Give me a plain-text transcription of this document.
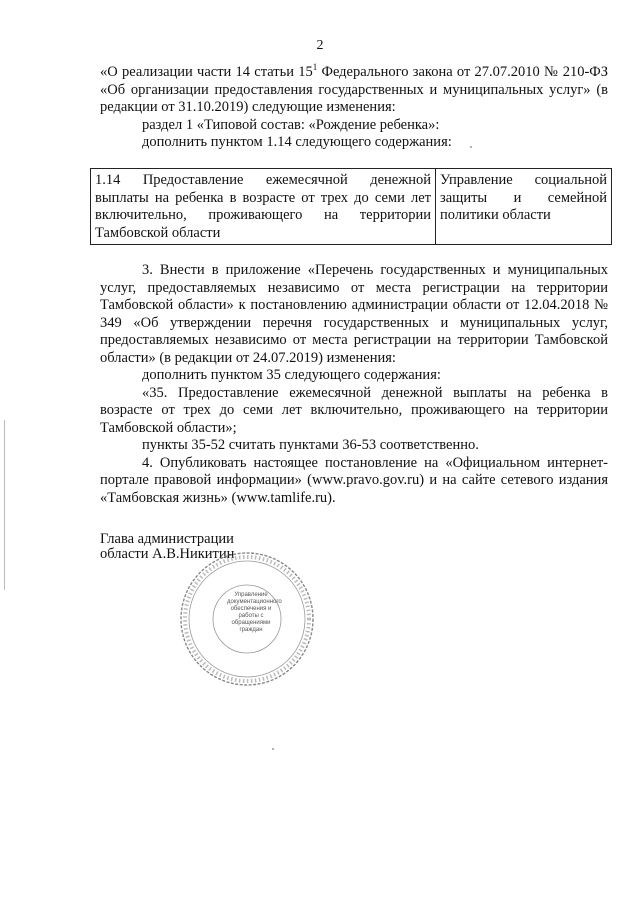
2

«О реализации части 14 статьи $15^1$ Федерального закона от 27.07.2010 № 210-ФЗ «Об организации предоставления государственных и муниципальных услуг» (в редакции от 31.10.2019) следующие изменения:

раздел 1 «Типовой состав: «Рождение ребенка»:

дополнить пунктом 1.14 следующего содержания:

1.14 Предоставление ежемесячной денежной выплаты на ребенка в возрасте от трех до семи лет включительно, проживающего на территории Тамбовской области	Управление социальной защиты и семейной политики области

3. Внести в приложение «Перечень государственных и муниципальных услуг, предоставляемых независимо от места регистрации на территории Тамбовской области» к постановлению администрации области от 12.04.2018 № 349 «Об утверждении перечня государственных и муниципальных услуг, предоставляемых независимо от места регистрации на территории Тамбовской области» (в редакции от 24.07.2019) изменения:

дополнить пунктом 35 следующего содержания:

«35. Предоставление ежемесячной денежной выплаты на ребенка в возрасте от трех до семи лет включительно, проживающего на территории Тамбовской области»;

пункты 35-52 считать пунктами 36-53 соответственно.

4. Опубликовать настоящее постановление на «Официальном интернет-портале правовой информации» (www.pravo.gov.ru) и на сайте сетевого издания «Тамбовская жизнь» (www.tamlife.ru).

Глава администрации
области А.В.Никитин
Управление документационного обеспечения и работы с обращениями граждан
